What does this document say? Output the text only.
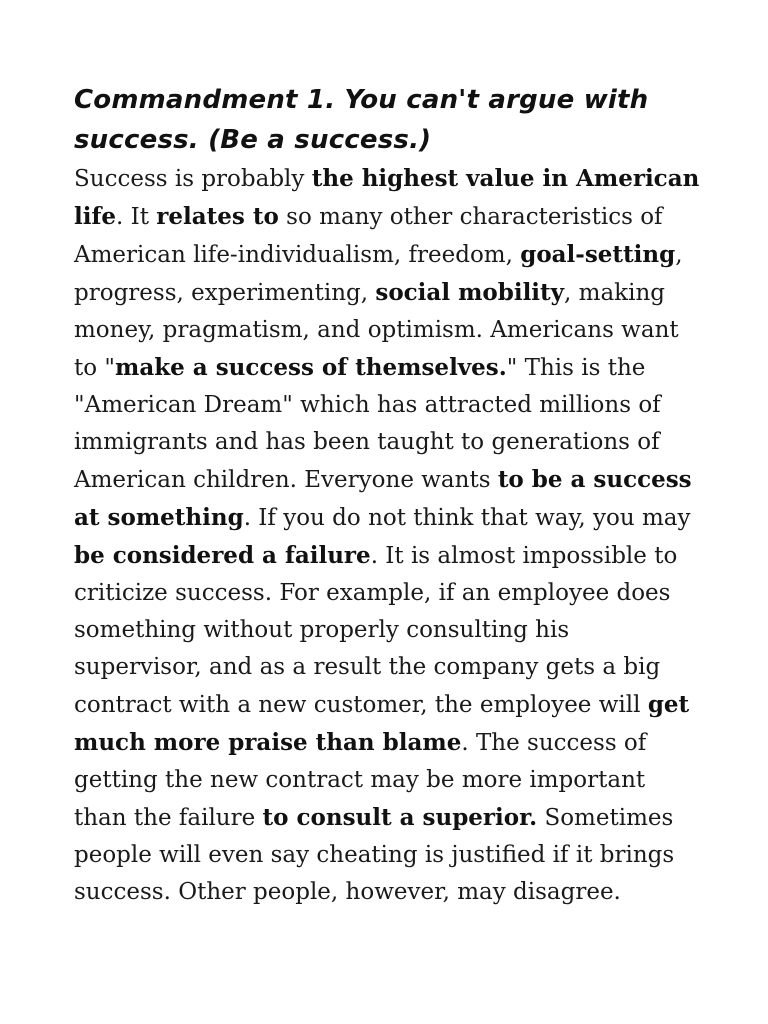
Commandment 1. You can't argue with success. (Be a success.)

Success is probably the highest value in American life. It relates to so many other characteristics of American life-individualism, freedom, goal-setting, progress, experimenting, social mobility, making money, pragmatism, and optimism. Americans want to "make a success of themselves." This is the "American Dream" which has attracted millions of immigrants and has been taught to generations of American children. Everyone wants to be a success at something. If you do not think that way, you may be considered a failure. It is almost impossible to criticize success. For example, if an employee does something without properly consulting his supervisor, and as a result the company gets a big contract with a new customer, the employee will get much more praise than blame. The success of getting the new contract may be more important than the failure to consult a superior. Sometimes people will even say cheating is justified if it brings success. Other people, however, may disagree.
